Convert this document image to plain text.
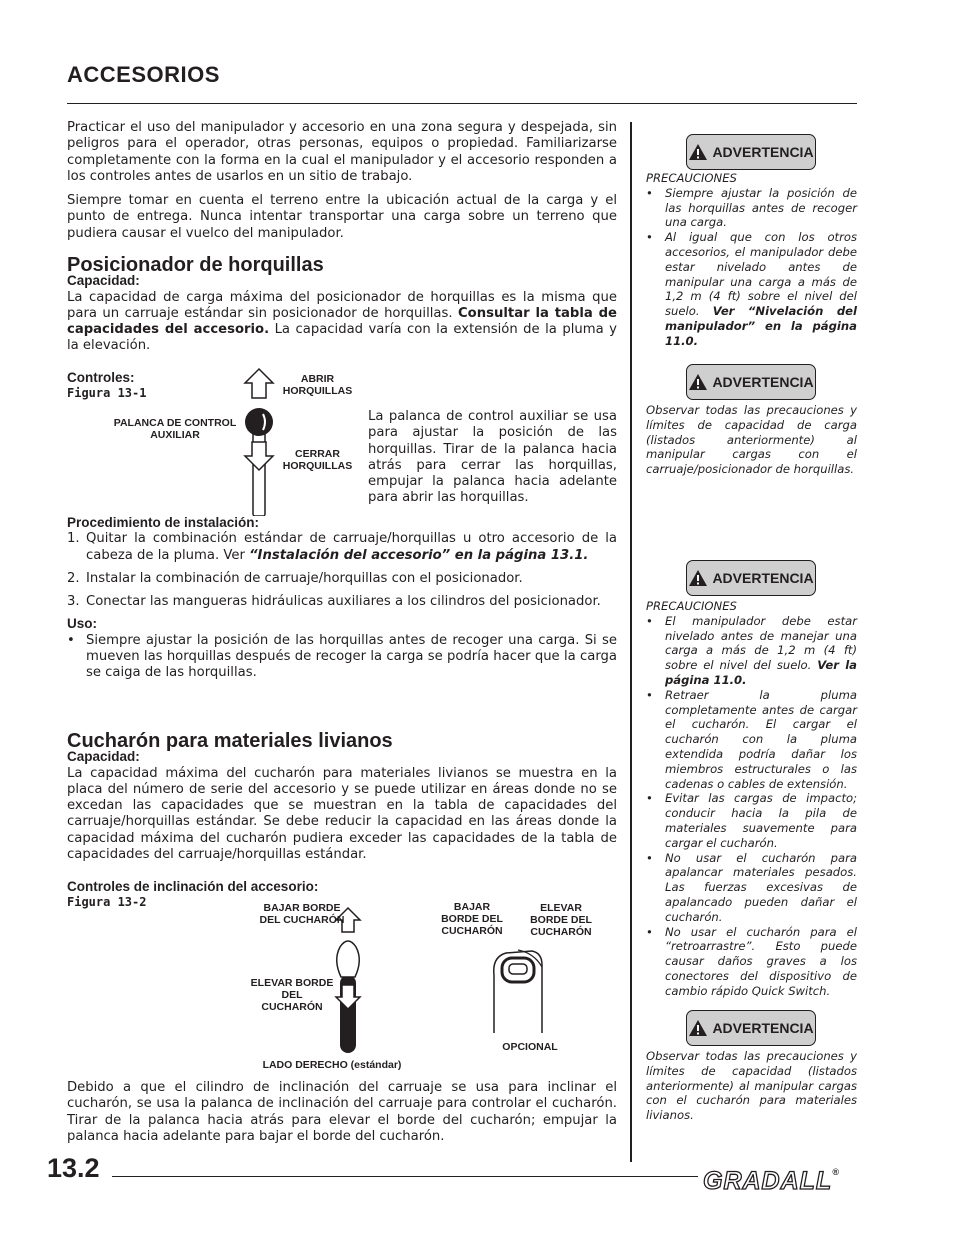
ACCESORIOS

Practicar el uso del manipulador y accesorio en una zona segura y despejada, sin peligros para el operador, otras personas, equipos o propiedad. Familiarizarse completamente con la forma en la cual el manipulador y el accesorio responden a los controles antes de usarlos en un sitio de trabajo.

Siempre tomar en cuenta el terreno entre la ubicación actual de la carga y el punto de entrega. Nunca intentar transportar una carga sobre un terreno que pudiera causar el vuelco del manipulador.

Posicionador de horquillas
Capacidad:

La capacidad de carga máxima del posicionador de horquillas es la misma que para un carruaje estándar sin posicionador de horquillas. Consultar la tabla de capacidades del accesorio. La capacidad varía con la extensión de la pluma y la elevación.

Controles:
Figura 13-1
ABRIR HORQUILLAS
PALANCA DE CONTROL AUXILIAR
CERRAR HORQUILLAS
La palanca de control auxiliar se usa para ajustar la posición de las horquillas. Tirar de la palanca hacia atrás para cerrar las horquillas, empujar la palanca hacia adelante para abrir las horquillas.
Procedimiento de instalación:
1. Quitar la combinación estándar de carruaje/horquillas u otro accesorio de la cabeza de la pluma. Ver “Instalación del accesorio” en la página 13.1.
2. Instalar la combinación de carruaje/horquillas con el posicionador.
3. Conectar las mangueras hidráulicas auxiliares a los cilindros del posicionador.
Uso:
• Siempre ajustar la posición de las horquillas antes de recoger una carga. Si se mueven las horquillas después de recoger la carga se podría hacer que la carga se caiga de las horquillas.
Cucharón para materiales livianos
Capacidad:

La capacidad máxima del cucharón para materiales livianos se muestra en la placa del número de serie del accesorio y se puede utilizar en áreas donde no se excedan las capacidades que se muestran en la tabla de capacidades del carruaje/horquillas estándar. Se debe reducir la capacidad en las áreas donde la capacidad máxima del cucharón pudiera exceder las capacidades de la tabla de capacidades del carruaje/horquillas estándar.

Controles de inclinación del accesorio:
Figura 13-2	BAJAR BORDE DEL CUCHARÓN
ELEVAR BORDE DEL CUCHARÓN
LADO DERECHO (estándar)
BAJAR BORDE DEL CUCHARÓN
ELEVAR BORDE DEL CUCHARÓN
OPCIONAL
Debido a que el cilindro de inclinación del carruaje se usa para inclinar el cucharón, se usa la palanca de inclinación del carruaje para controlar el cucharón. Tirar de la palanca hacia atrás para elevar el borde del cucharón; empujar la palanca hacia adelante para bajar el borde del cucharón.
ADVERTENCIA
PRECAUCIONES
• Siempre ajustar la posición de las horquillas antes de recoger una carga.
• Al igual que con los otros accesorios, el manipulador debe estar nivelado antes de manipular una carga a más de 1,2 m (4 ft) sobre el nivel del suelo. Ver “Nivelación del manipulador” en la página 11.0.
ADVERTENCIA
Observar todas las precauciones y límites de capacidad de carga (listados anteriormente) al manipular cargas con el carruaje/posicionador de horquillas.
ADVERTENCIA
PRECAUCIONES
• El manipulador debe estar nivelado antes de manejar una carga a más de 1,2 m (4 ft) sobre el nivel del suelo. Ver la página 11.0.
• Retraer la pluma completamente antes de cargar el cucharón. El cargar el cucharón con la pluma extendida podría dañar los miembros estructurales o las cadenas o cables de extensión.
• Evitar las cargas de impacto; conducir hacia la pila de materiales suavemente para cargar el cucharón.
• No usar el cucharón para apalancar materiales pesados. Las fuerzas excesivas de apalancado pueden dañar el cucharón.
• No usar el cucharón para el “retroarrastre”. Esto puede causar daños graves a los conectores del dispositivo de cambio rápido Quick Switch.
ADVERTENCIA
Observar todas las precauciones y límites de capacidad (listados anteriormente) al manipular cargas con el cucharón para materiales livianos.
13.2	GRADALL®
